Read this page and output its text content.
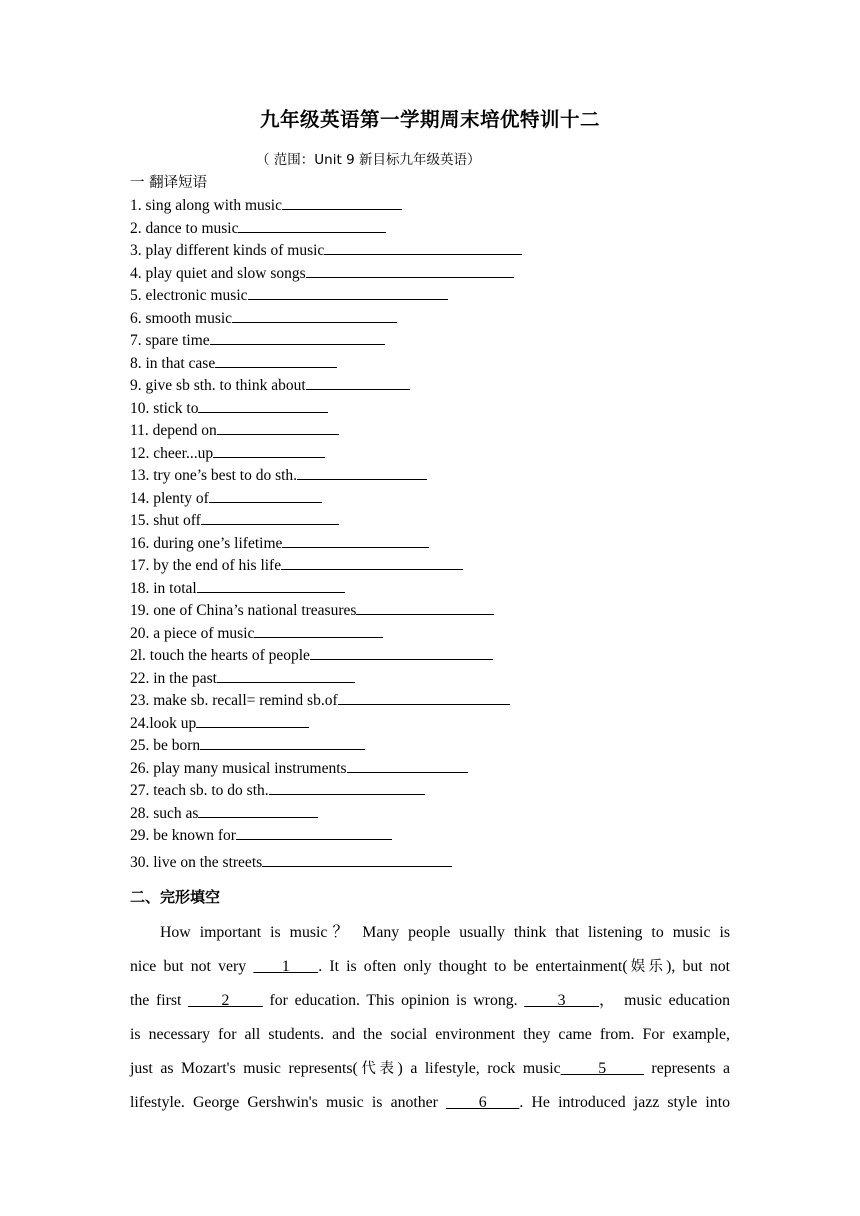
九年级英语第一学期周末培优特训十二
（ 范围：Unit 9 新目标九年级英语）
一 翻译短语
1. sing along with music
2. dance to music
3. play different kinds of music
4. play quiet and slow songs
5. electronic music
6. smooth music
7. spare time
8. in that case
9. give sb sth. to think about
10. stick to
11. depend on
12. cheer...up
13. try one’s best to do sth.
14. plenty of
15. shut off
16. during one’s lifetime
17. by the end of his life
18. in total
19. one of China’s national treasures
20. a piece of music
2l. touch the hearts of people
22. in the past
23. make sb. recall= remind sb.of
24.look up
25. be born
26. play many musical instruments
27. teach sb. to do sth.
28. such as
29. be known for
30. live on the streets
二、完形填空
How important is music？ Many people usually think that listening to music is
nice but not very     1    . It is often only thought to be entertainment(娱乐), but not
the first      2      for education. This opinion is wrong.      3     ， music education
is necessary for all students. and the social environment they came from. For example,
just as Mozart's music represents(代表) a lifestyle, rock music     5      represents a
lifestyle. George Gershwin's music is another     6    . He introduced jazz style into
